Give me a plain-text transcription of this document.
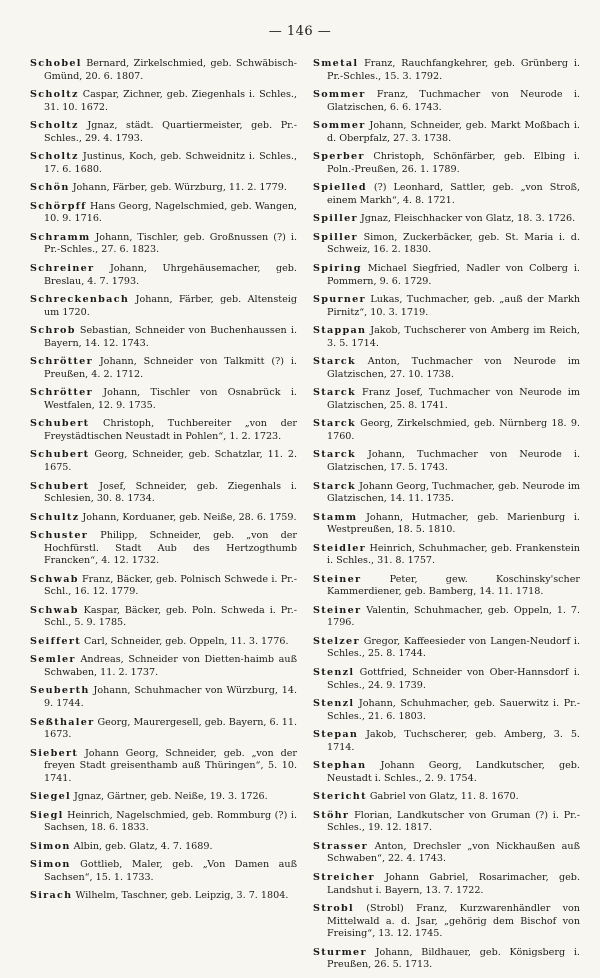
— 146 —
Schobel Bernard, Zirkelschmied, geb. Schwäbisch-Gmünd, 20. 6. 1807.
Scholtz Caspar, Zichner, geb. Ziegenhals i. Schles., 31. 10. 1672.
Scholtz Jgnaz, städt. Quartiermeister, geb. Pr.-Schles., 29. 4. 1793.
Scholtz Justinus, Koch, geb. Schweidnitz i. Schles., 17. 6. 1680.
Schön Johann, Färber, geb. Würzburg, 11. 2. 1779.
Schörpff Hans Georg, Nagelschmied, geb. Wangen, 10. 9. 1716.
Schramm Johann, Tischler, geb. Großnussen (?) i. Pr.-Schles., 27. 6. 1823.
Schreiner Johann, Uhrgehäusemacher, geb. Breslau, 4. 7. 1793.
Schreckenbach Johann, Färber, geb. Altensteig um 1720.
Schrob Sebastian, Schneider von Buchenhaussen i. Bayern, 14. 12. 1743.
Schrötter Johann, Schneider von Talkmitt (?) i. Preußen, 4. 2. 1712.
Schrötter Johann, Tischler von Osnabrück i. Westfalen, 12. 9. 1735.
Schubert Christoph, Tuchbereiter „von der Freystädtischen Neustadt in Pohlen“, 1. 2. 1723.
Schubert Georg, Schneider, geb. Schatzlar, 11. 2. 1675.
Schubert Josef, Schneider, geb. Ziegenhals i. Schlesien, 30. 8. 1734.
Schultz Johann, Korduaner, geb. Neiße, 28. 6. 1759.
Schuster Philipp, Schneider, geb. „von der Hochfürstl. Stadt Aub des Hertzogthumb Francken“, 4. 12. 1732.
Schwab Franz, Bäcker, geb. Polnisch Schwede i. Pr.-Schl., 16. 12. 1779.
Schwab Kaspar, Bäcker, geb. Poln. Schweda i. Pr.-Schl., 5. 9. 1785.
Seiffert Carl, Schneider, geb. Oppeln, 11. 3. 1776.
Semler Andreas, Schneider von Dietten-haimb auß Schwaben, 11. 2. 1737.
Seuberth Johann, Schuhmacher von Würzburg, 14. 9. 1744.
Seßthaler Georg, Maurergesell, geb. Bayern, 6. 11. 1673.
Siebert Johann Georg, Schneider, geb. „von der freyen Stadt greisenthamb auß Thüringen“, 5. 10. 1741.
Siegel Jgnaz, Gärtner, geb. Neiße, 19. 3. 1726.
Siegl Heinrich, Nagelschmied, geb. Rommburg (?) i. Sachsen, 18. 6. 1833.
Simon Albin, geb. Glatz, 4. 7. 1689.
Simon Gottlieb, Maler, geb. „Von Damen auß Sachsen“, 15. 1. 1733.
Sirach Wilhelm, Taschner, geb. Leipzig, 3. 7. 1804.
Smetal Franz, Rauchfangkehrer, geb. Grünberg i. Pr.-Schles., 15. 3. 1792.
Sommer Franz, Tuchmacher von Neurode i. Glatzischen, 6. 6. 1743.
Sommer Johann, Schneider, geb. Markt Moßbach i. d. Oberpfalz, 27. 3. 1738.
Sperber Christoph, Schönfärber, geb. Elbing i. Poln.-Preußen, 26. 1. 1789.
Spielled (?) Leonhard, Sattler, geb. „von Stroß, einem Markh“, 4. 8. 1721.
Spiller Jgnaz, Fleischhacker von Glatz, 18. 3. 1726.
Spiller Simon, Zuckerbäcker, geb. St. Maria i. d. Schweiz, 16. 2. 1830.
Spiring Michael Siegfried, Nadler von Colberg i. Pommern, 9. 6. 1729.
Spurner Lukas, Tuchmacher, geb. „auß der Markh Pirnitz“, 10. 3. 1719.
Stappan Jakob, Tuchscherer von Amberg im Reich, 3. 5. 1714.
Starck Anton, Tuchmacher von Neurode im Glatzischen, 27. 10. 1738.
Starck Franz Josef, Tuchmacher von Neurode im Glatzischen, 25. 8. 1741.
Starck Georg, Zirkelschmied, geb. Nürnberg 18. 9. 1760.
Starck Johann, Tuchmacher von Neurode i. Glatzischen, 17. 5. 1743.
Starck Johann Georg, Tuchmacher, geb. Neurode im Glatzischen, 14. 11. 1735.
Stamm Johann, Hutmacher, geb. Marienburg i. Westpreußen, 18. 5. 1810.
Steidler Heinrich, Schuhmacher, geb. Frankenstein i. Schles., 31. 8. 1757.
Steiner	Peter, gew. Koschinsky'scher Kammerdiener, geb. Bamberg, 14. 11. 1718.
Steiner Valentin, Schuhmacher, geb. Oppeln, 1. 7. 1796.
Stelzer Gregor, Kaffeesieder von Langen-Neudorf i. Schles., 25. 8. 1744.
Stenzl Gottfried, Schneider von Ober-Hannsdorf i. Schles., 24. 9. 1739.
Stenzl Johann, Schuhmacher, geb. Sauerwitz i. Pr.-Schles., 21. 6. 1803.
Stepan Jakob, Tuchscherer, geb. Amberg, 3. 5. 1714.
Stephan Johann Georg, Landkutscher, geb. Neustadt i. Schles., 2. 9. 1754.
Stericht Gabriel von Glatz, 11. 8. 1670.
Stöhr Florian, Landkutscher von Gruman (?) i. Pr.-Schles., 19. 12. 1817.
Strasser Anton, Drechsler „von Nickhaußen auß Schwaben“, 22. 4. 1743.
Streicher Johann Gabriel, Rosarimacher, geb. Landshut i. Bayern, 13. 7. 1722.
Strobl (Strobl) Franz, Kurzwarenhändler von Mittelwald a. d. Jsar, „gehörig dem Bischof von Freising“, 13. 12. 1745.
Sturmer Johann, Bildhauer, geb. Königsberg i. Preußen, 26. 5. 1713.
